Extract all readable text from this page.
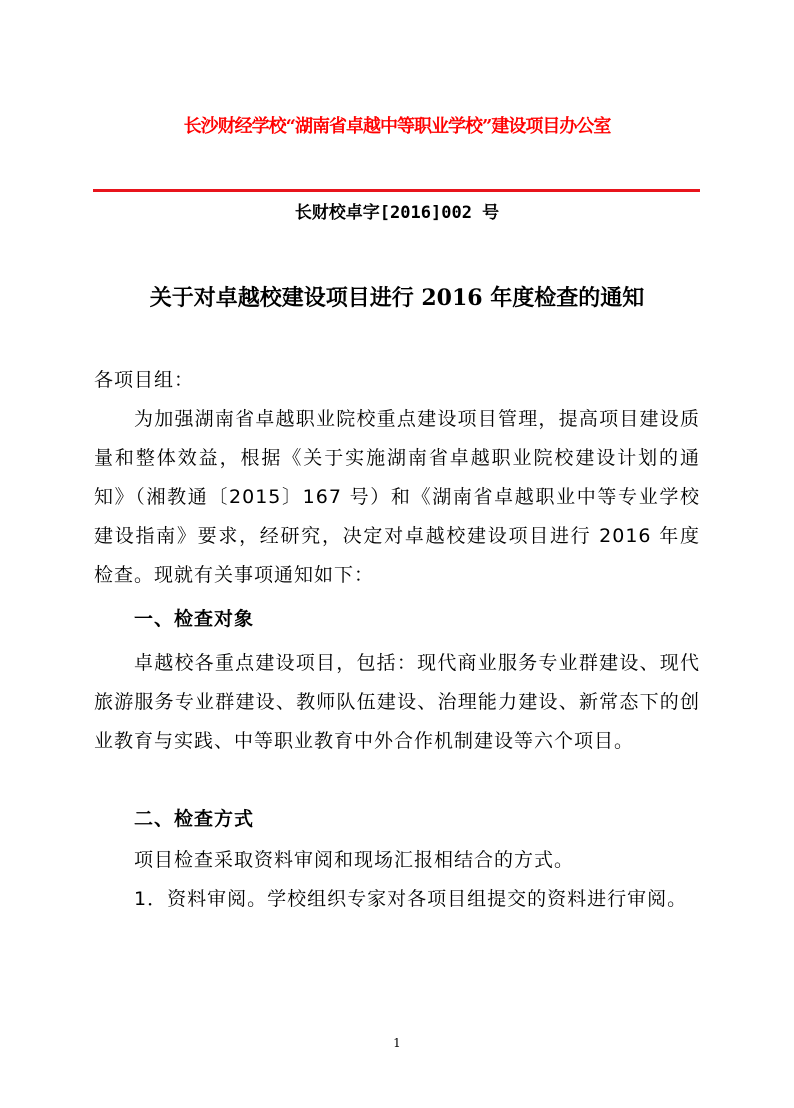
长沙财经学校“湖南省卓越中等职业学校”建设项目办公室
长财校卓字[2016]002 号
关于对卓越校建设项目进行 2016 年度检查的通知

各项目组：

为加强湖南省卓越职业院校重点建设项目管理，提高项目建设质量和整体效益，根据《关于实施湖南省卓越职业院校建设计划的通知》（湘教通〔2015〕167 号）和《湖南省卓越职业中等专业学校建设指南》要求，经研究，决定对卓越校建设项目进行 2016 年度检查。现就有关事项通知如下：

一、检查对象

卓越校各重点建设项目，包括：现代商业服务专业群建设、现代旅游服务专业群建设、教师队伍建设、治理能力建设、新常态下的创业教育与实践、中等职业教育中外合作机制建设等六个项目。

二、检查方式

项目检查采取资料审阅和现场汇报相结合的方式。

1．资料审阅。学校组织专家对各项目组提交的资料进行审阅。

1
